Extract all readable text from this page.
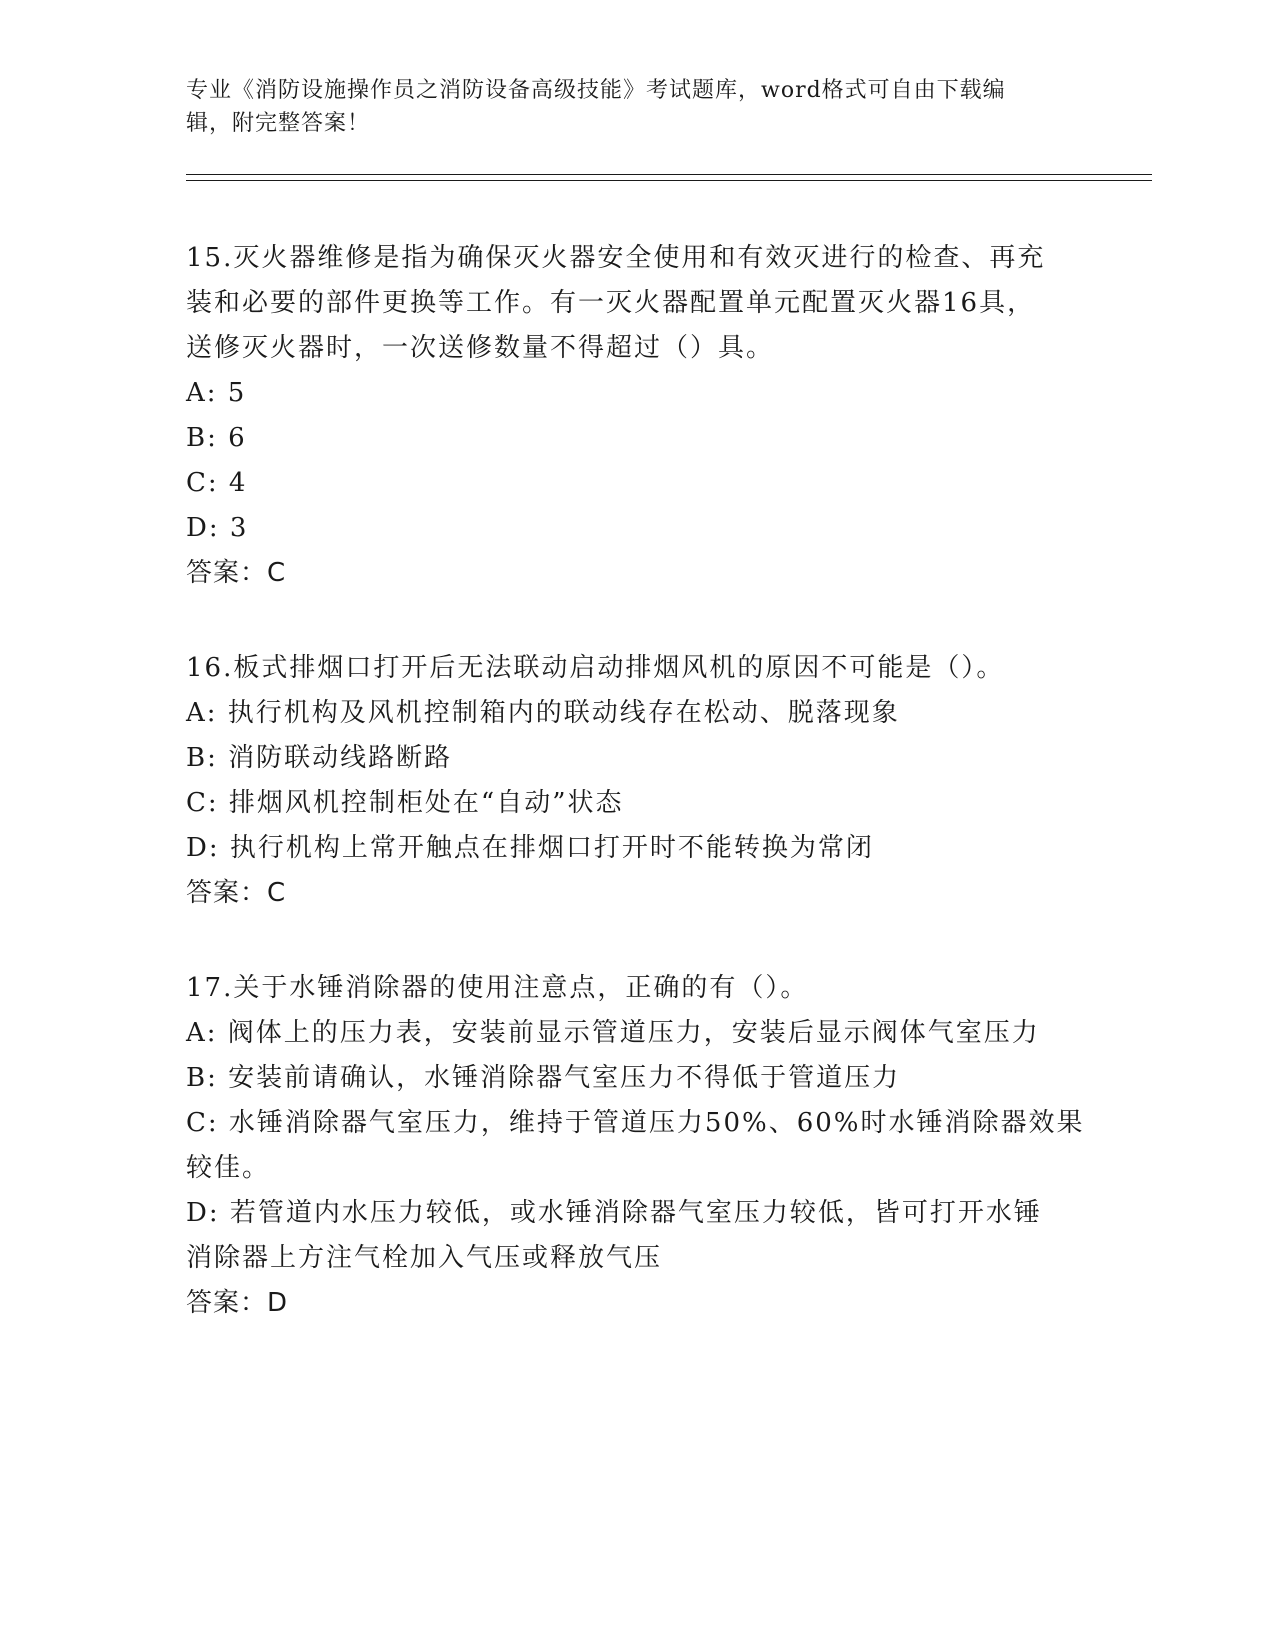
专业《消防设施操作员之消防设备高级技能》考试题库，word格式可自由下载编
辑，附完整答案！

15.灭火器维修是指为确保灭火器安全使用和有效灭进行的检查、再充

装和必要的部件更换等工作。有一灭火器配置单元配置灭火器16具，

送修灭火器时，一次送修数量不得超过（）具。

A: 5

B: 6

C: 4

D: 3

答案：C

16.板式排烟口打开后无法联动启动排烟风机的原因不可能是（）。

A: 执行机构及风机控制箱内的联动线存在松动、脱落现象

B: 消防联动线路断路

C: 排烟风机控制柜处在“自动”状态

D: 执行机构上常开触点在排烟口打开时不能转换为常闭

答案：C

17.关于水锤消除器的使用注意点，正确的有（）。

A: 阀体上的压力表，安装前显示管道压力，安装后显示阀体气室压力

B: 安装前请确认，水锤消除器气室压力不得低于管道压力

C: 水锤消除器气室压力，维持于管道压力50%、60%时水锤消除器效果

较佳。

D: 若管道内水压力较低，或水锤消除器气室压力较低，皆可打开水锤

消除器上方注气栓加入气压或释放气压

答案：D
